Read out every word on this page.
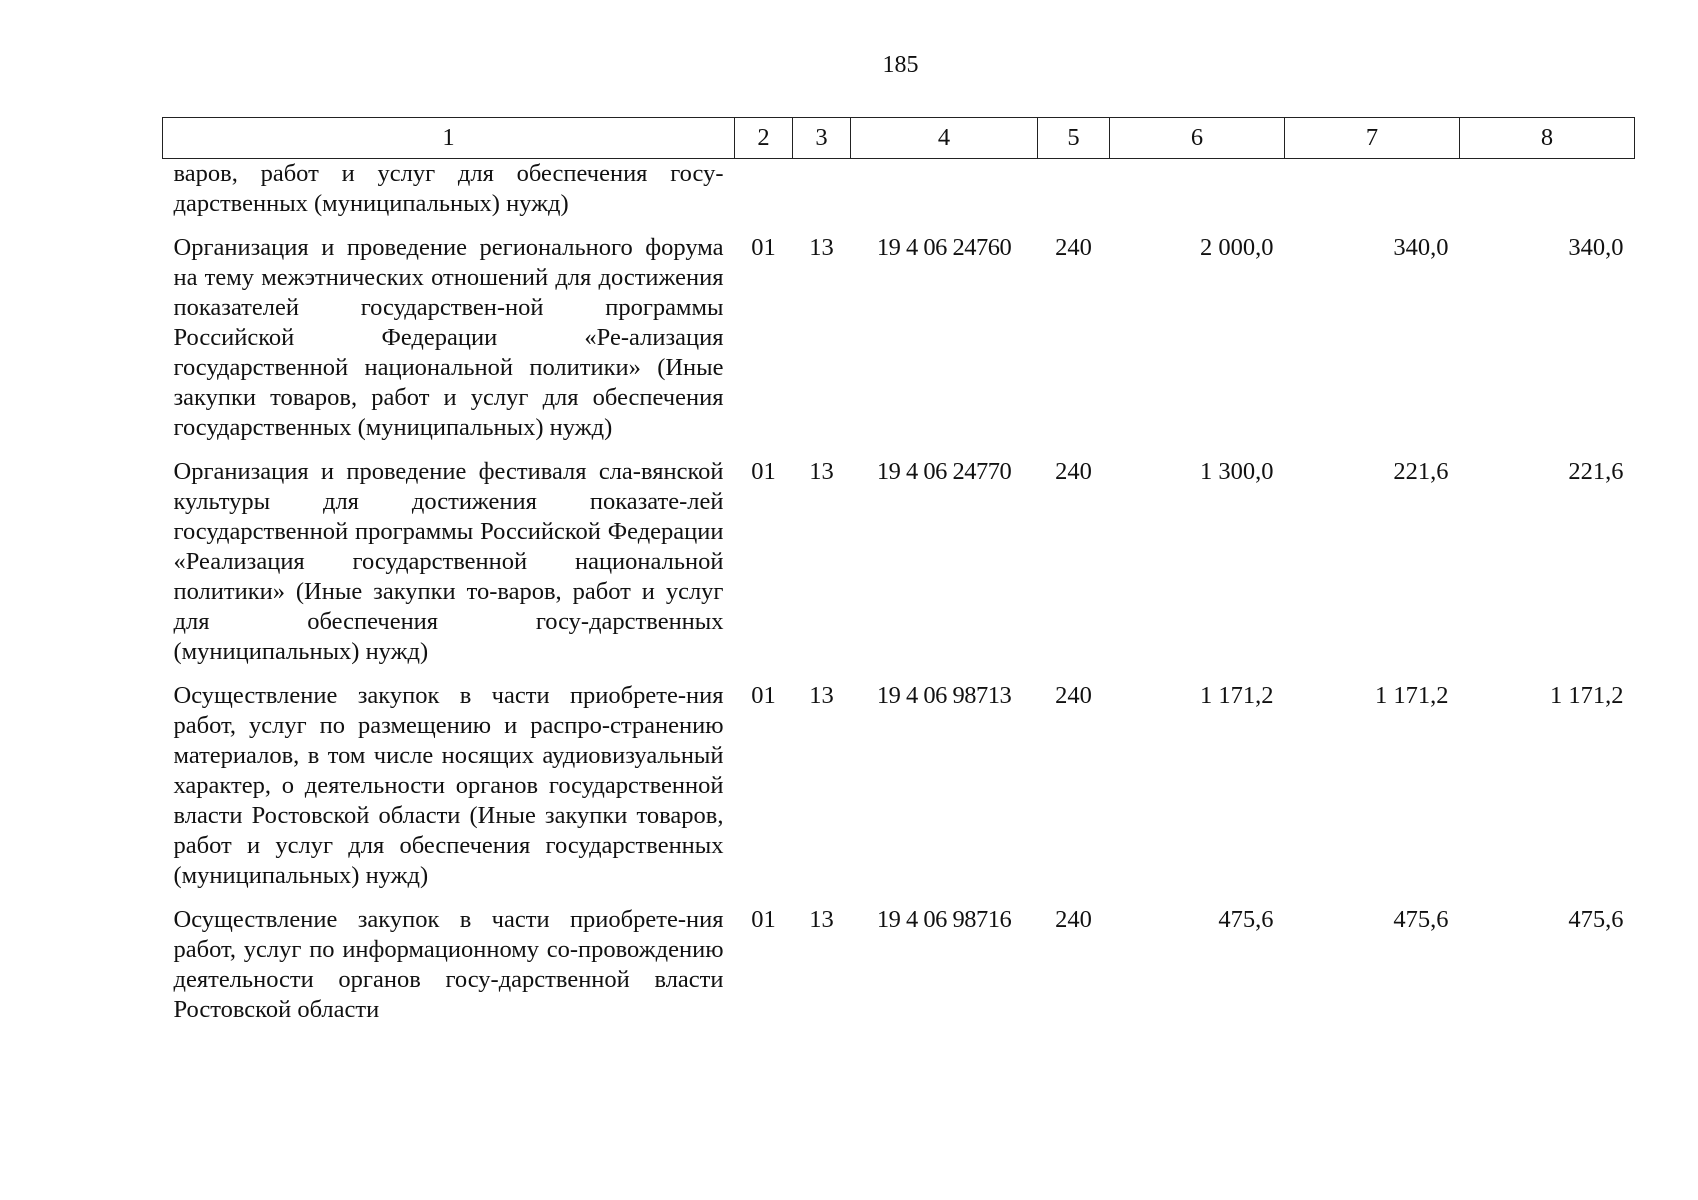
185
1	2	3	4	5	6	7	8
варов, работ и услуг для обеспечения госу-дарственных (муниципальных) нужд)							
Организация и проведение регионального форума на тему межэтнических отношений для достижения показателей государствен-ной программы Российской Федерации «Ре-ализация государственной национальной политики» (Иные закупки товаров, работ и услуг для обеспечения государственных (муниципальных) нужд)	01	13	19 4 06 24760	240	2 000,0	340,0	340,0
Организация и проведение фестиваля сла-вянской культуры для достижения показате-лей государственной программы Российской Федерации «Реализация государственной национальной политики» (Иные закупки то-варов, работ и услуг для обеспечения госу-дарственных (муниципальных) нужд)	01	13	19 4 06 24770	240	1 300,0	221,6	221,6
Осуществление закупок в части приобрете-ния работ, услуг по размещению и распро-странению материалов, в том числе носящих аудиовизуальный характер, о деятельности органов государственной власти Ростовской области (Иные закупки товаров, работ и услуг для обеспечения государственных (муниципальных) нужд)	01	13	19 4 06 98713	240	1 171,2	1 171,2	1 171,2
Осуществление закупок в части приобрете-ния работ, услуг по информационному со-провождению деятельности органов госу-дарственной власти Ростовской области	01	13	19 4 06 98716	240	475,6	475,6	475,6
